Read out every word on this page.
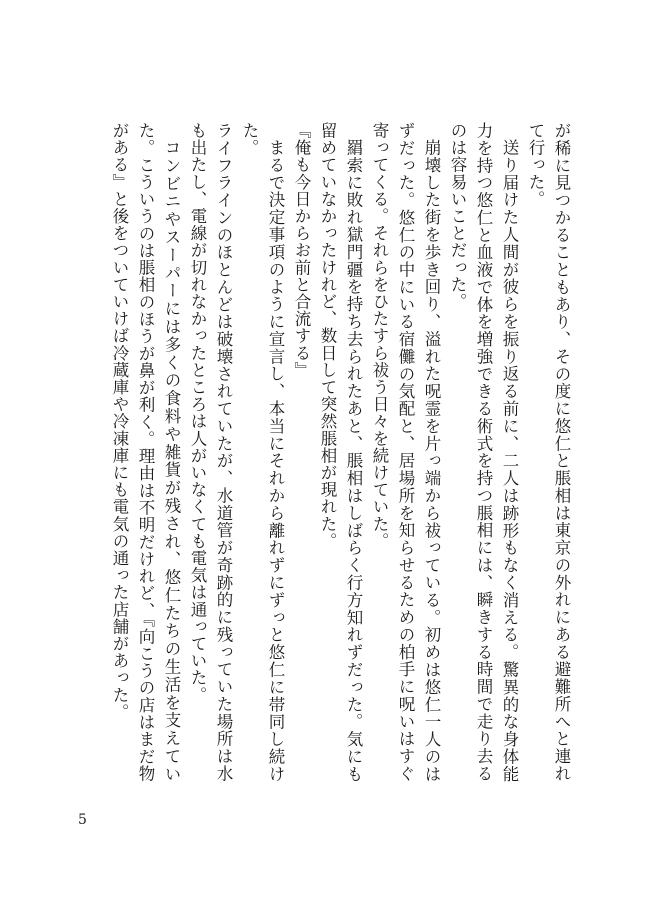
が稀に見つかることもあり、その度に悠仁と脹相は東京の外れにある避難所へと連れて行った。

送り届けた人間が彼らを振り返る前に、二人は跡形もなく消える。驚異的な身体能力を持つ悠仁と血液で体を増強できる術式を持つ脹相には、瞬きする時間で走り去るのは容易いことだった。

崩壊した街を歩き回り、溢れた呪霊を片っ端から祓っている。初めは悠仁一人のはずだった。悠仁の中にいる宿儺の気配と、居場所を知らせるための柏手に呪いはすぐ寄ってくる。それらをひたすら祓う日々を続けていた。

羂索に敗れ獄門疆を持ち去られたあと、脹相はしばらく行方知れずだった。気にも留めていなかったけれど、数日して突然脹相が現れた。

『俺も今日からお前と合流する』

まるで決定事項のように宣言し、本当にそれから離れずにずっと悠仁に帯同し続けた。

ライフラインのほとんどは破壊されていたが、水道管が奇跡的に残っていた場所は水も出たし、電線が切れなかったところは人がいなくても電気は通っていた。

コンビニやスーパーには多くの食料や雑貨が残され、悠仁たちの生活を支えていた。こういうのは脹相のほうが鼻が利く。理由は不明だけれど、『向こうの店はまだ物がある』と後をついていけば冷蔵庫や冷凍庫にも電気の通った店舗があった。

5
